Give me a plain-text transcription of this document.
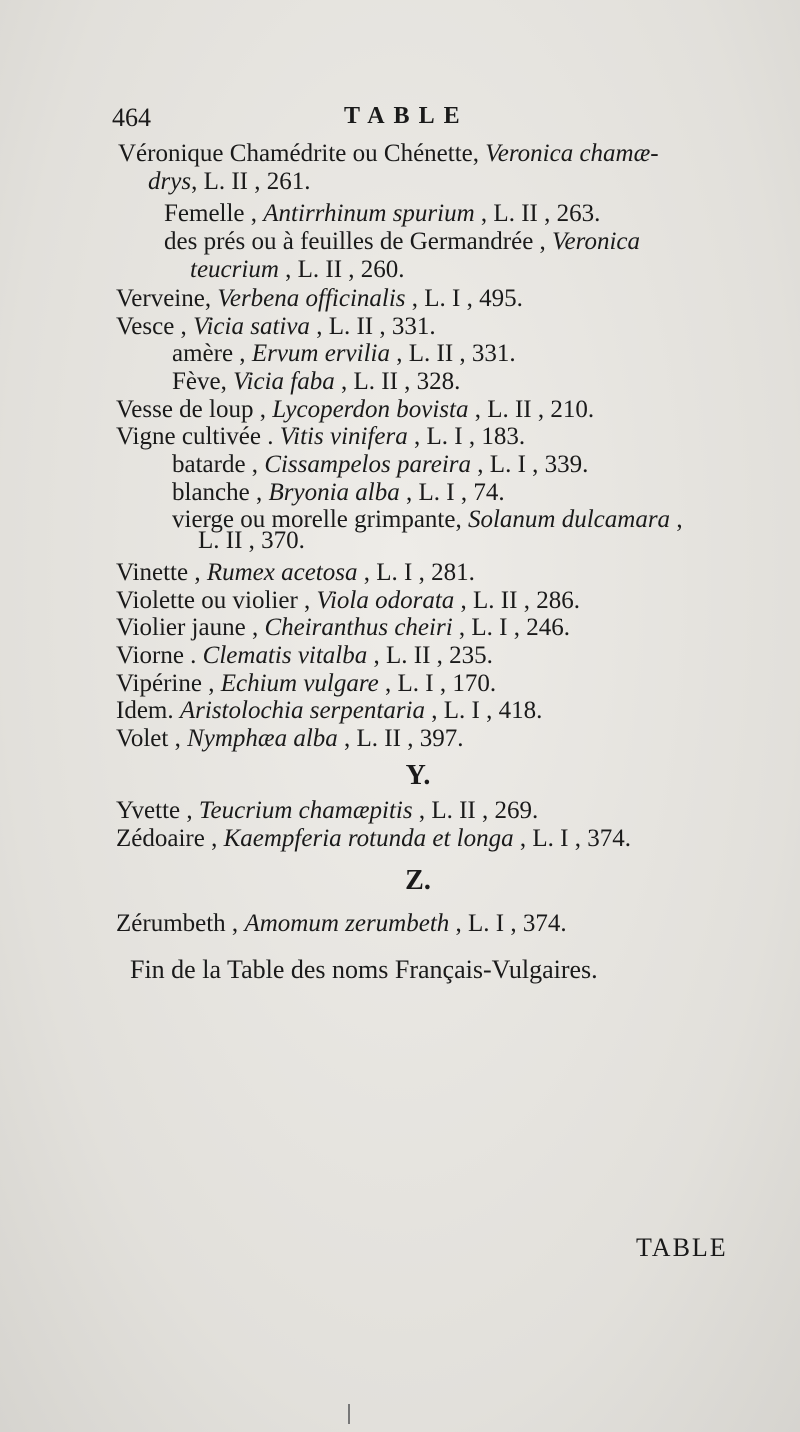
464	TABLE
Véronique Chamédrite ou Chénette, Veronica chamæ-
drys, L. II , 261.
Femelle , Antirrhinum spurium , L. II , 263.
des prés ou à feuilles de Germandrée , Veronica
teucrium , L. II , 260.
Verveine, Verbena officinalis , L. I , 495.
Vesce , Vicia sativa , L. II , 331.
amère , Ervum ervilia , L. II , 331.
Fève, Vicia faba , L. II , 328.
Vesse de loup , Lycoperdon bovista , L. II , 210.
Vigne cultivée . Vitis vinifera , L. I , 183.
batarde , Cissampelos pareira , L. I , 339.
blanche , Bryonia alba , L. I , 74.
vierge ou morelle grimpante, Solanum dulcamara ,
L. II , 370.
Vinette , Rumex acetosa , L. I , 281.
Violette ou violier , Viola odorata , L. II , 286.
Violier jaune , Cheiranthus cheiri , L. I , 246.
Viorne . Clematis vitalba , L. II , 235.
Vipérine , Echium vulgare , L. I , 170.
Idem. Aristolochia serpentaria , L. I , 418.
Volet , Nymphæa alba , L. II , 397.
Yvette , Teucrium chamæpitis , L. II , 269.
Zédoaire , Kaempferia rotunda et longa , L. I , 374.
Zérumbeth , Amomum zerumbeth , L. I , 374.
Y.
Z.
Fin de la Table des noms Français-Vulgaires.
TABLE
